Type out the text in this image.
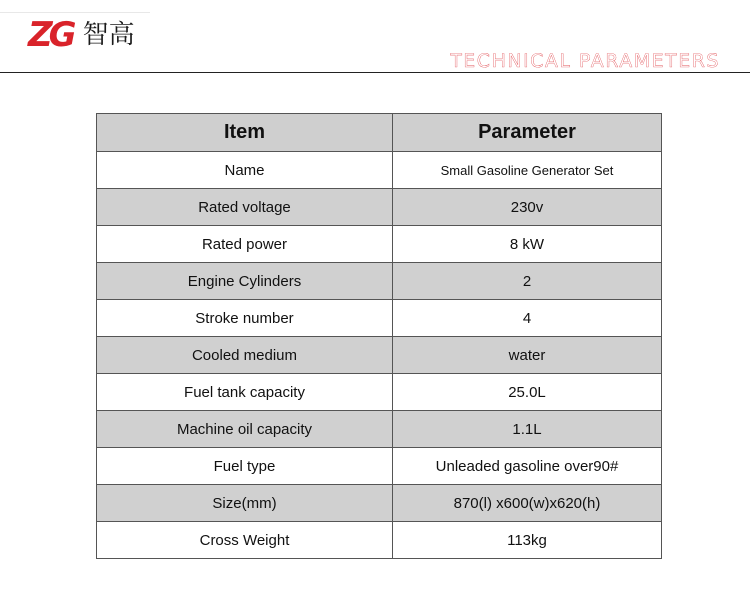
ZG 智高
TECHNICAL PARAMETERS
Item	Parameter
Name	Small Gasoline Generator Set
Rated voltage	230v
Rated power	8 kW
Engine Cylinders	2
Stroke number	4
Cooled medium	water
Fuel tank capacity	25.0L
Machine oil capacity	1.1L
Fuel type	Unleaded gasoline over90#
Size(mm)	870(l) x600(w)x620(h)
Cross Weight	113kg
